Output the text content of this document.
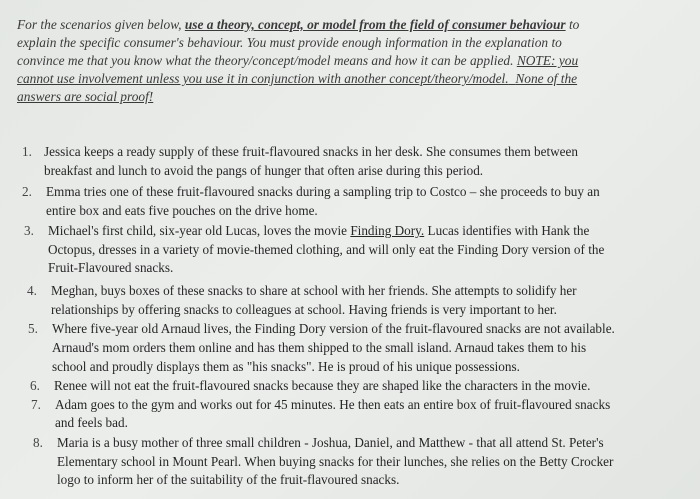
For the scenarios given below, use a theory, concept, or model from the field of consumer behaviour to
explain the specific consumer's behaviour. You must provide enough information in the explanation to
convince me that you know what the theory/concept/model means and how it can be applied. NOTE: you
cannot use involvement unless you use it in conjunction with another concept/theory/model. None of the
answers are social proof!
1. Jessica keeps a ready supply of these fruit-flavoured snacks in her desk. She consumes them between
breakfast and lunch to avoid the pangs of hunger that often arise during this period.
2. Emma tries one of these fruit-flavoured snacks during a sampling trip to Costco – she proceeds to buy an
entire box and eats five pouches on the drive home.
3. Michael's first child, six-year old Lucas, loves the movie Finding Dory. Lucas identifies with Hank the
Octopus, dresses in a variety of movie-themed clothing, and will only eat the Finding Dory version of the
Fruit-Flavoured snacks.
4. Meghan, buys boxes of these snacks to share at school with her friends. She attempts to solidify her
relationships by offering snacks to colleagues at school. Having friends is very important to her.
5. Where five-year old Arnaud lives, the Finding Dory version of the fruit-flavoured snacks are not available.
Arnaud's mom orders them online and has them shipped to the small island. Arnaud takes them to his
school and proudly displays them as "his snacks". He is proud of his unique possessions.
6. Renee will not eat the fruit-flavoured snacks because they are shaped like the characters in the movie.
7. Adam goes to the gym and works out for 45 minutes. He then eats an entire box of fruit-flavoured snacks
and feels bad.
8. Maria is a busy mother of three small children - Joshua, Daniel, and Matthew - that all attend St. Peter's
Elementary school in Mount Pearl. When buying snacks for their lunches, she relies on the Betty Crocker
logo to inform her of the suitability of the fruit-flavoured snacks.
